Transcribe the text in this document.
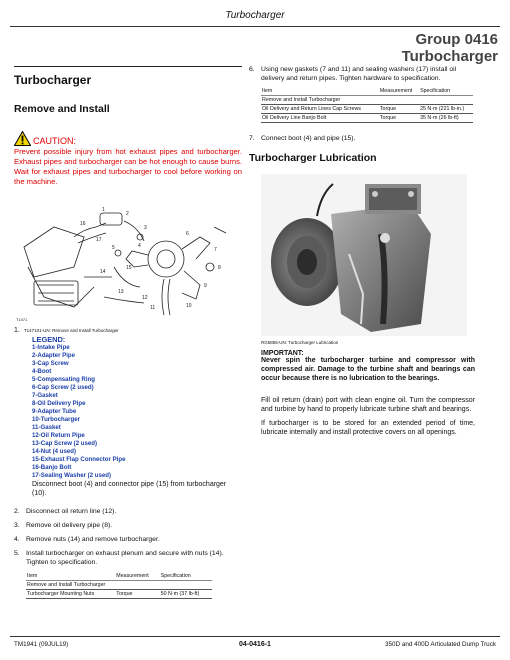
Turbocharger
Group 0416
Turbocharger
Turbocharger
Remove and Install
CAUTION:
Prevent possible injury from hot exhaust pipes and turbocharger. Exhaust pipes and turbocharger can be hot enough to cause burns. Wait for exhaust pipes and turbocharger to cool before working on the machine.
1
2
3
4
5
6
7
8
9
10
11
12
13
14
15
16
17
T1471
1. T147101-UN: Remove and Install Turbocharger
LEGEND:
1-Intake Pipe
2-Adapter Pipe
3-Cap Screw
4-Boot
5-Compensating Ring
6-Cap Screw (2 used)
7-Gasket
8-Oil Delivery Pipe
9-Adapter Tube
10-Turbocharger
11-Gasket
12-Oil Return Pipe
13-Cap Screw (2 used)
14-Nut (4 used)
15-Exhaust Flap Connector Pipe
16-Banjo Bolt
17-Sealing Washer (2 used)
Disconnect boot (4) and connector pipe (15) from turbocharger (10).
2. Disconnect oil return line (12).
3. Remove oil delivery pipe (8).
4. Remove nuts (14) and remove turbocharger.
5. Install turbocharger on exhaust plenum and secure with nuts (14). Tighten to specification.
Item	Measurement	Specification
Remove and Install Turbocharger		
Turbocharger Mounting Nuts	Torque	50 N·m (37 lb-ft)
6. Using new gaskets (7 and 11) and sealing washers (17) install oil delivery and return pipes. Tighten hardware to specification.
Item	Measurement	Specification
Remove and Install Turbocharger		
Oil Delivery and Return Lines Cap Screws	Torque	25 N·m (221 lb-in.)
Oil Delivery Line Banjo Bolt	Torque	35 N·m (26 lb-ft)
7. Connect boot (4) and pipe (15).
Turbocharger Lubrication
RG5855-UN: Turbocharger Lubrication
IMPORTANT:
Never spin the turbocharger turbine and compressor with compressed air. Damage to the turbine shaft and bearings can occur because there is no lubrication to the bearings.
Fill oil return (drain) port with clean engine oil. Turn the compressor and turbine by hand to properly lubricate turbine shaft and bearings.
If turbocharger is to be stored for an extended period of time, lubricate internally and install protective covers on all openings.
TM1941 (09JUL19)	04-0416-1	350D and 400D Articulated Dump Truck
